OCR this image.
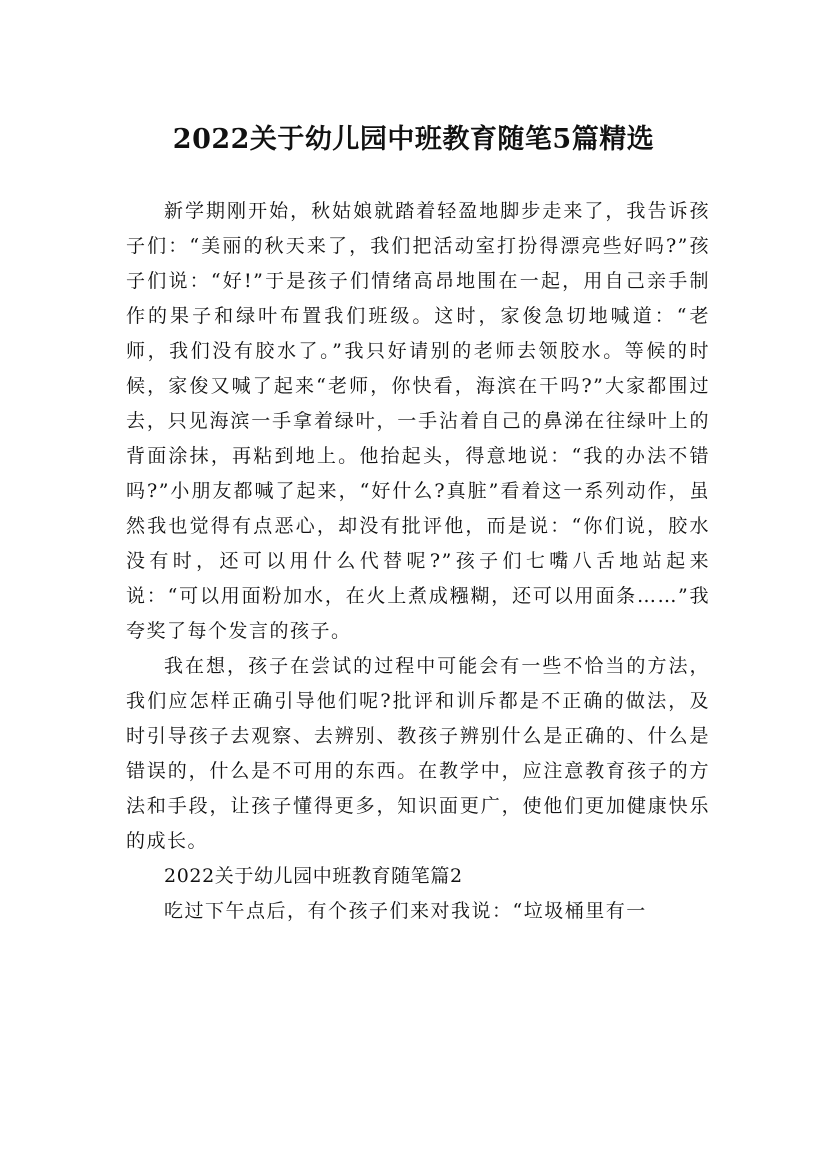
2022关于幼儿园中班教育随笔5篇精选

新学期刚开始，秋姑娘就踏着轻盈地脚步走来了，我告诉孩子们：“美丽的秋天来了，我们把活动室打扮得漂亮些好吗?”孩子们说：“好!”于是孩子们情绪高昂地围在一起，用自己亲手制作的果子和绿叶布置我们班级。这时，家俊急切地喊道：“老师，我们没有胶水了。”我只好请别的老师去领胶水。等候的时候，家俊又喊了起来“老师，你快看，海滨在干吗?”大家都围过去，只见海滨一手拿着绿叶，一手沾着自己的鼻涕在往绿叶上的背面涂抹，再粘到地上。他抬起头，得意地说：“我的办法不错吗?”小朋友都喊了起来，“好什么?真脏”看着这一系列动作，虽然我也觉得有点恶心，却没有批评他，而是说：“你们说，胶水没有时，还可以用什么代替呢?”孩子们七嘴八舌地站起来说：“可以用面粉加水，在火上煮成糨糊，还可以用面条……”我夸奖了每个发言的孩子。

我在想，孩子在尝试的过程中可能会有一些不恰当的方法，我们应怎样正确引导他们呢?批评和训斥都是不正确的做法，及时引导孩子去观察、去辨别、教孩子辨别什么是正确的、什么是错误的，什么是不可用的东西。在教学中，应注意教育孩子的方法和手段，让孩子懂得更多，知识面更广，使他们更加健康快乐的成长。

2022关于幼儿园中班教育随笔篇2

吃过下午点后，有个孩子们来对我说：“垃圾桶里有一
